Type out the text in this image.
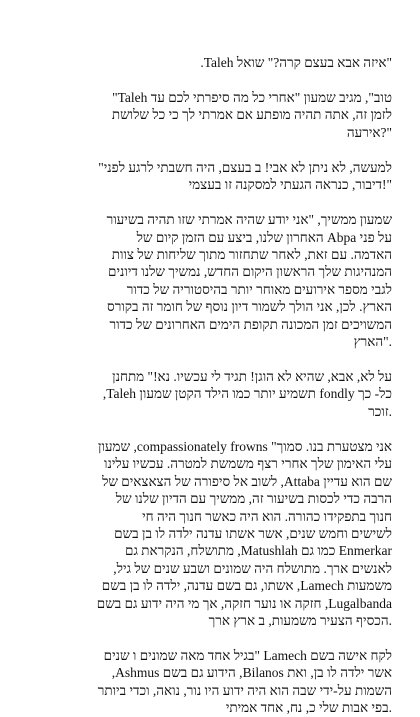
"איזה אבא בעצם קרה?" שואל Taleh.
טוב", מגיב שמעון "אחרי כל מה סיפרתי לכם עד Taleh"
לזמן זה, אתה תהיה מופתע אם אמרתי לך כי כל שלושת
"?אירעה
למעשה, לא ניתן לא אבי! ב בעצם, היה חשבתי לרגע לפני"
"!דיבור, כנראה הגעתי למסקנה זו בעצמי
שמעון ממשיך, "אני יודע שהיה אמרתי שזו תהיה בשיעור
על פני Abpa האחרון שלנו, ביצע עם הזמן קיום של
האדמה. עם זאת, לאחר שתחזור מתוך שליחות של צוות
המנהיגות שלך הראשון היקום החדש, נמשיך שלנו דיונים
לגבי מספר אירועים מאוחר יותר בהיסטוריה של כדור
הארץ. לכן, אני הולך לשמור דיון נוסף של חומר זה בקורס
המשויכים זמן המכונה תקופת הימים האחרונים של כדור
."הארץ
על לא, אבא, שהיא לא הוגן! תגיד לי עכשיו. נא!" מתחנן
כל- כך fondly תשמיע יותר כמו הילד הקטן שמעון Taleh,
.זוכר
אני מצטערת בנו. סמוך" compassionately frowns, שמעון
עלי האימון שלך אחרי רצף משמשת למטרה. עכשיו עלינו
שם הוא עדיין Attaba, לשוב אל סיפורה של הצאצאים של
הרבה כדי לכסות בשיעור זה, ממשיך עם הדיון שלנו של
חנוך בתפקידו כהורה. הוא היה כאשר חנוך היה חי
לשישים וחמש שנים, אשר אשתו עדנה ילדה לו בן בשם
Enmerkar כמו גם Matushlah, מתושלח, הנקראת גם
לאנשים ארך. מתושלח היה שמונים ושבע שנים של גיל,
משמעות Lamech, אשתו, גם בשם עדנה, ילדה לו בן בשם
Lugalbanda, חזקה או נוער חזקה, אך מי היה ידוע גם בשם
.הכסיף הצעיר משמעות, ב ארץ ארך
לקח אישה בשם Lamech "בגיל אחד מאה שמונים ו שנים
אשר ילדה לו בן, ואת Bilanos, הידוע גם בשם Ashmus,
השמות על-ידי שבה הוא היה ידוע היו נור, נואה, וכדי ביותר
.בפי אבות שלי כ, נח, אחד אמיתי
